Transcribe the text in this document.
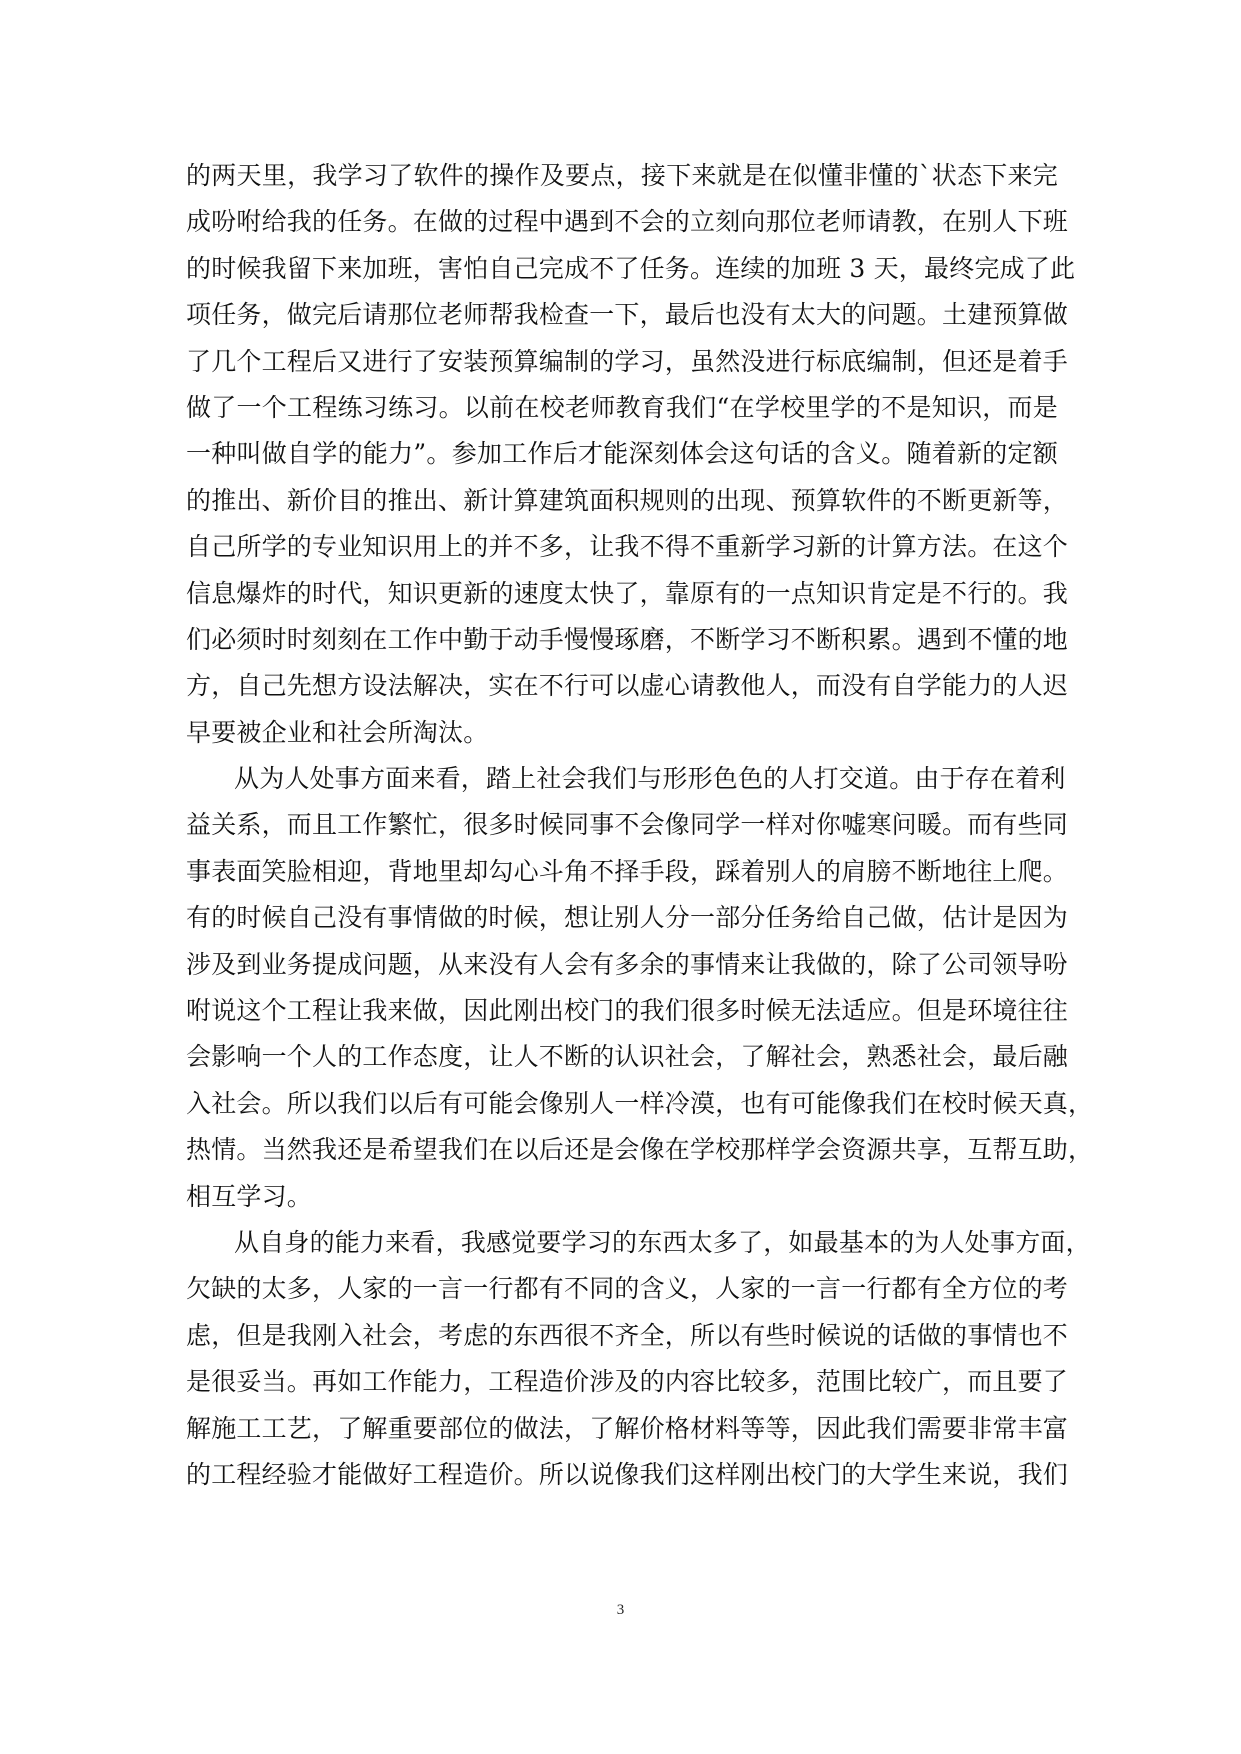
的两天里，我学习了软件的操作及要点，接下来就是在似懂非懂的`状态下来完
成吩咐给我的任务。在做的过程中遇到不会的立刻向那位老师请教，在别人下班
的时候我留下来加班，害怕自己完成不了任务。连续的加班 3 天，最终完成了此
项任务，做完后请那位老师帮我检查一下，最后也没有太大的问题。土建预算做
了几个工程后又进行了安装预算编制的学习，虽然没进行标底编制，但还是着手
做了一个工程练习练习。以前在校老师教育我们“在学校里学的不是知识，而是
一种叫做自学的能力”。参加工作后才能深刻体会这句话的含义。随着新的定额
的推出、新价目的推出、新计算建筑面积规则的出现、预算软件的不断更新等，
自己所学的专业知识用上的并不多，让我不得不重新学习新的计算方法。在这个
信息爆炸的时代，知识更新的速度太快了，靠原有的一点知识肯定是不行的。我
们必须时时刻刻在工作中勤于动手慢慢琢磨，不断学习不断积累。遇到不懂的地
方，自己先想方设法解决，实在不行可以虚心请教他人，而没有自学能力的人迟
早要被企业和社会所淘汰。
从为人处事方面来看，踏上社会我们与形形色色的人打交道。由于存在着利
益关系，而且工作繁忙，很多时候同事不会像同学一样对你嘘寒问暖。而有些同
事表面笑脸相迎，背地里却勾心斗角不择手段，踩着别人的肩膀不断地往上爬。
有的时候自己没有事情做的时候，想让别人分一部分任务给自己做，估计是因为
涉及到业务提成问题，从来没有人会有多余的事情来让我做的，除了公司领导吩
咐说这个工程让我来做，因此刚出校门的我们很多时候无法适应。但是环境往往
会影响一个人的工作态度，让人不断的认识社会，了解社会，熟悉社会，最后融
入社会。所以我们以后有可能会像别人一样冷漠，也有可能像我们在校时候天真，
热情。当然我还是希望我们在以后还是会像在学校那样学会资源共享，互帮互助，
相互学习。
从自身的能力来看，我感觉要学习的东西太多了，如最基本的为人处事方面，
欠缺的太多，人家的一言一行都有不同的含义，人家的一言一行都有全方位的考
虑，但是我刚入社会，考虑的东西很不齐全，所以有些时候说的话做的事情也不
是很妥当。再如工作能力，工程造价涉及的内容比较多，范围比较广，而且要了
解施工工艺，了解重要部位的做法，了解价格材料等等，因此我们需要非常丰富
的工程经验才能做好工程造价。所以说像我们这样刚出校门的大学生来说，我们
3
